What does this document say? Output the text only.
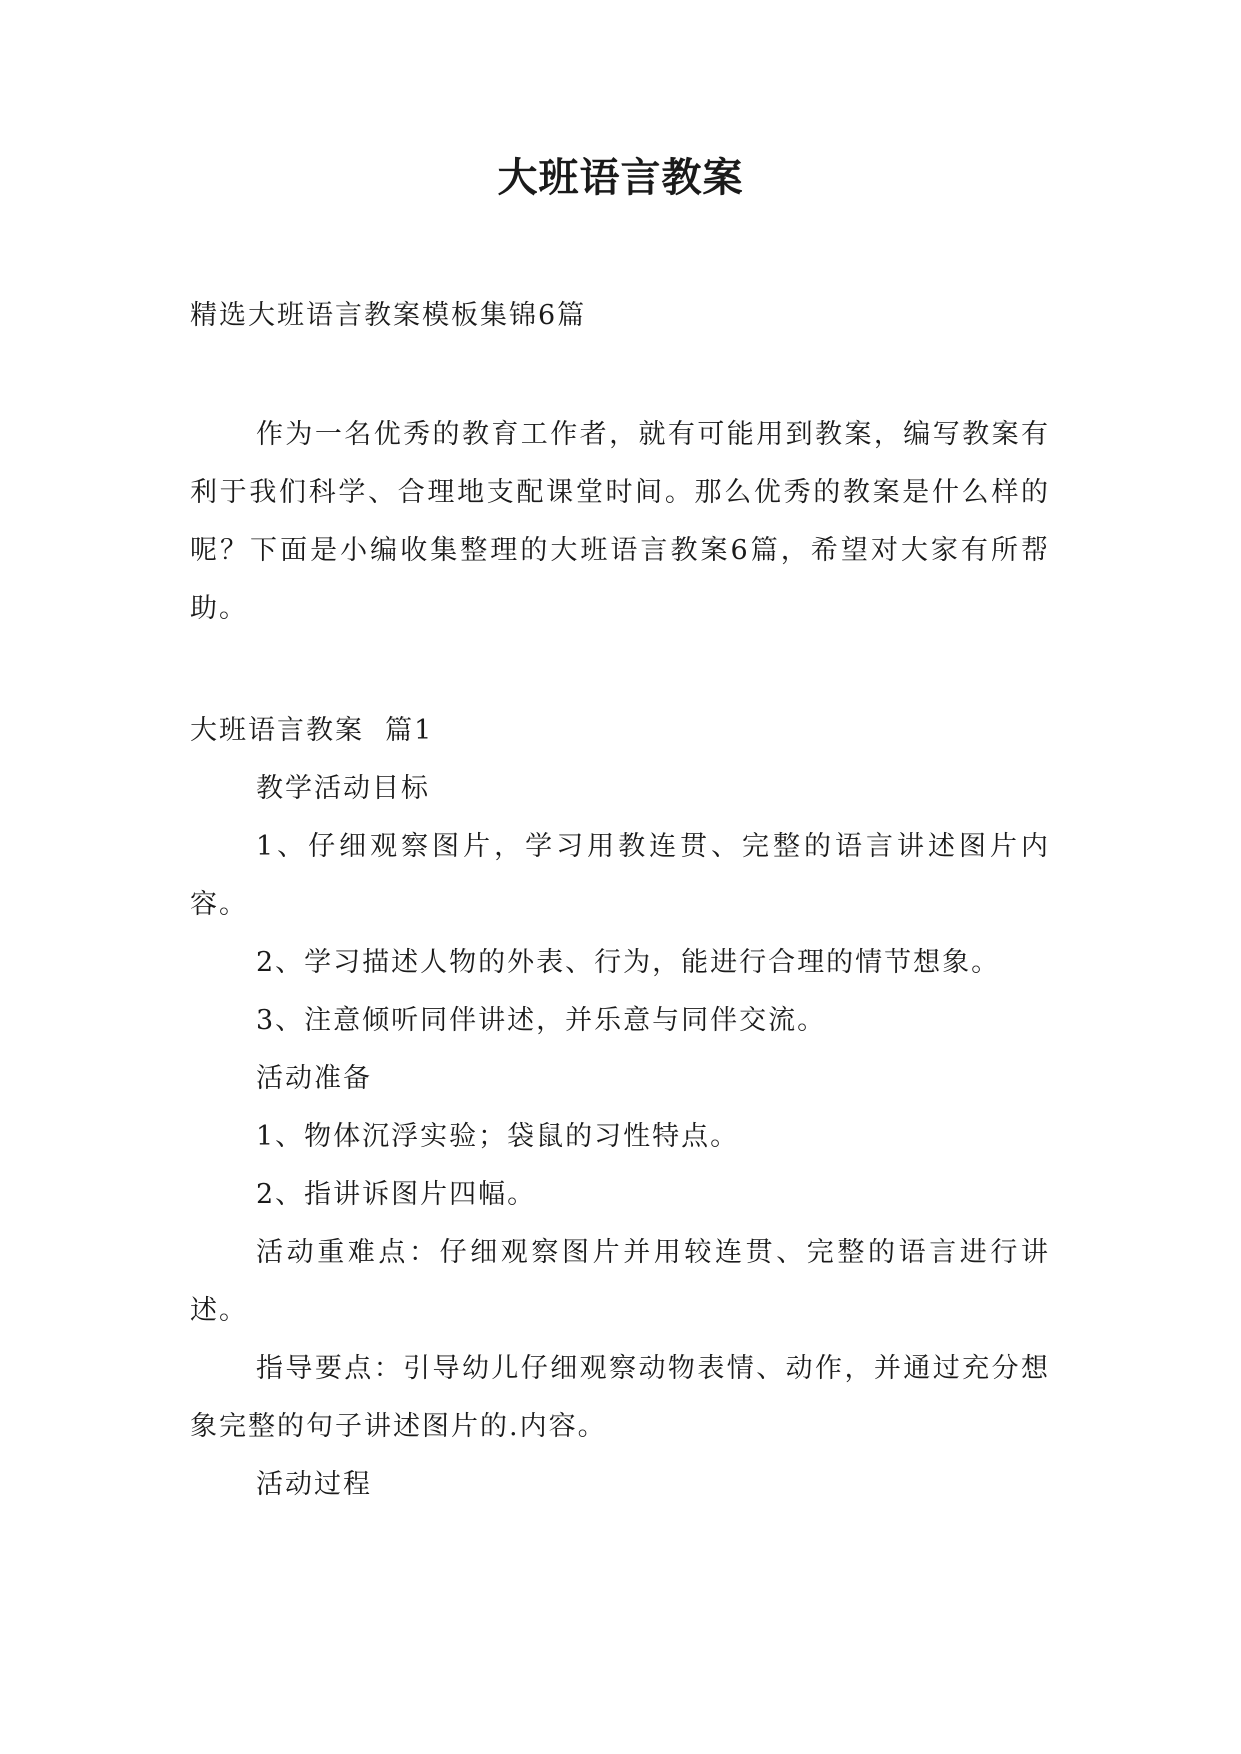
大班语言教案
精选大班语言教案模板集锦6篇

作为一名优秀的教育工作者，就有可能用到教案，编写教案有利于我们科学、合理地支配课堂时间。那么优秀的教案是什么样的呢？下面是小编收集整理的大班语言教案6篇，希望对大家有所帮助。

大班语言教案  篇1

教学活动目标

1、仔细观察图片，学习用教连贯、完整的语言讲述图片内容。

2、学习描述人物的外表、行为，能进行合理的情节想象。

3、注意倾听同伴讲述，并乐意与同伴交流。

活动准备

1、物体沉浮实验；袋鼠的习性特点。

2、指讲诉图片四幅。

活动重难点：仔细观察图片并用较连贯、完整的语言进行讲述。

指导要点：引导幼儿仔细观察动物表情、动作，并通过充分想象完整的句子讲述图片的.内容。

活动过程
